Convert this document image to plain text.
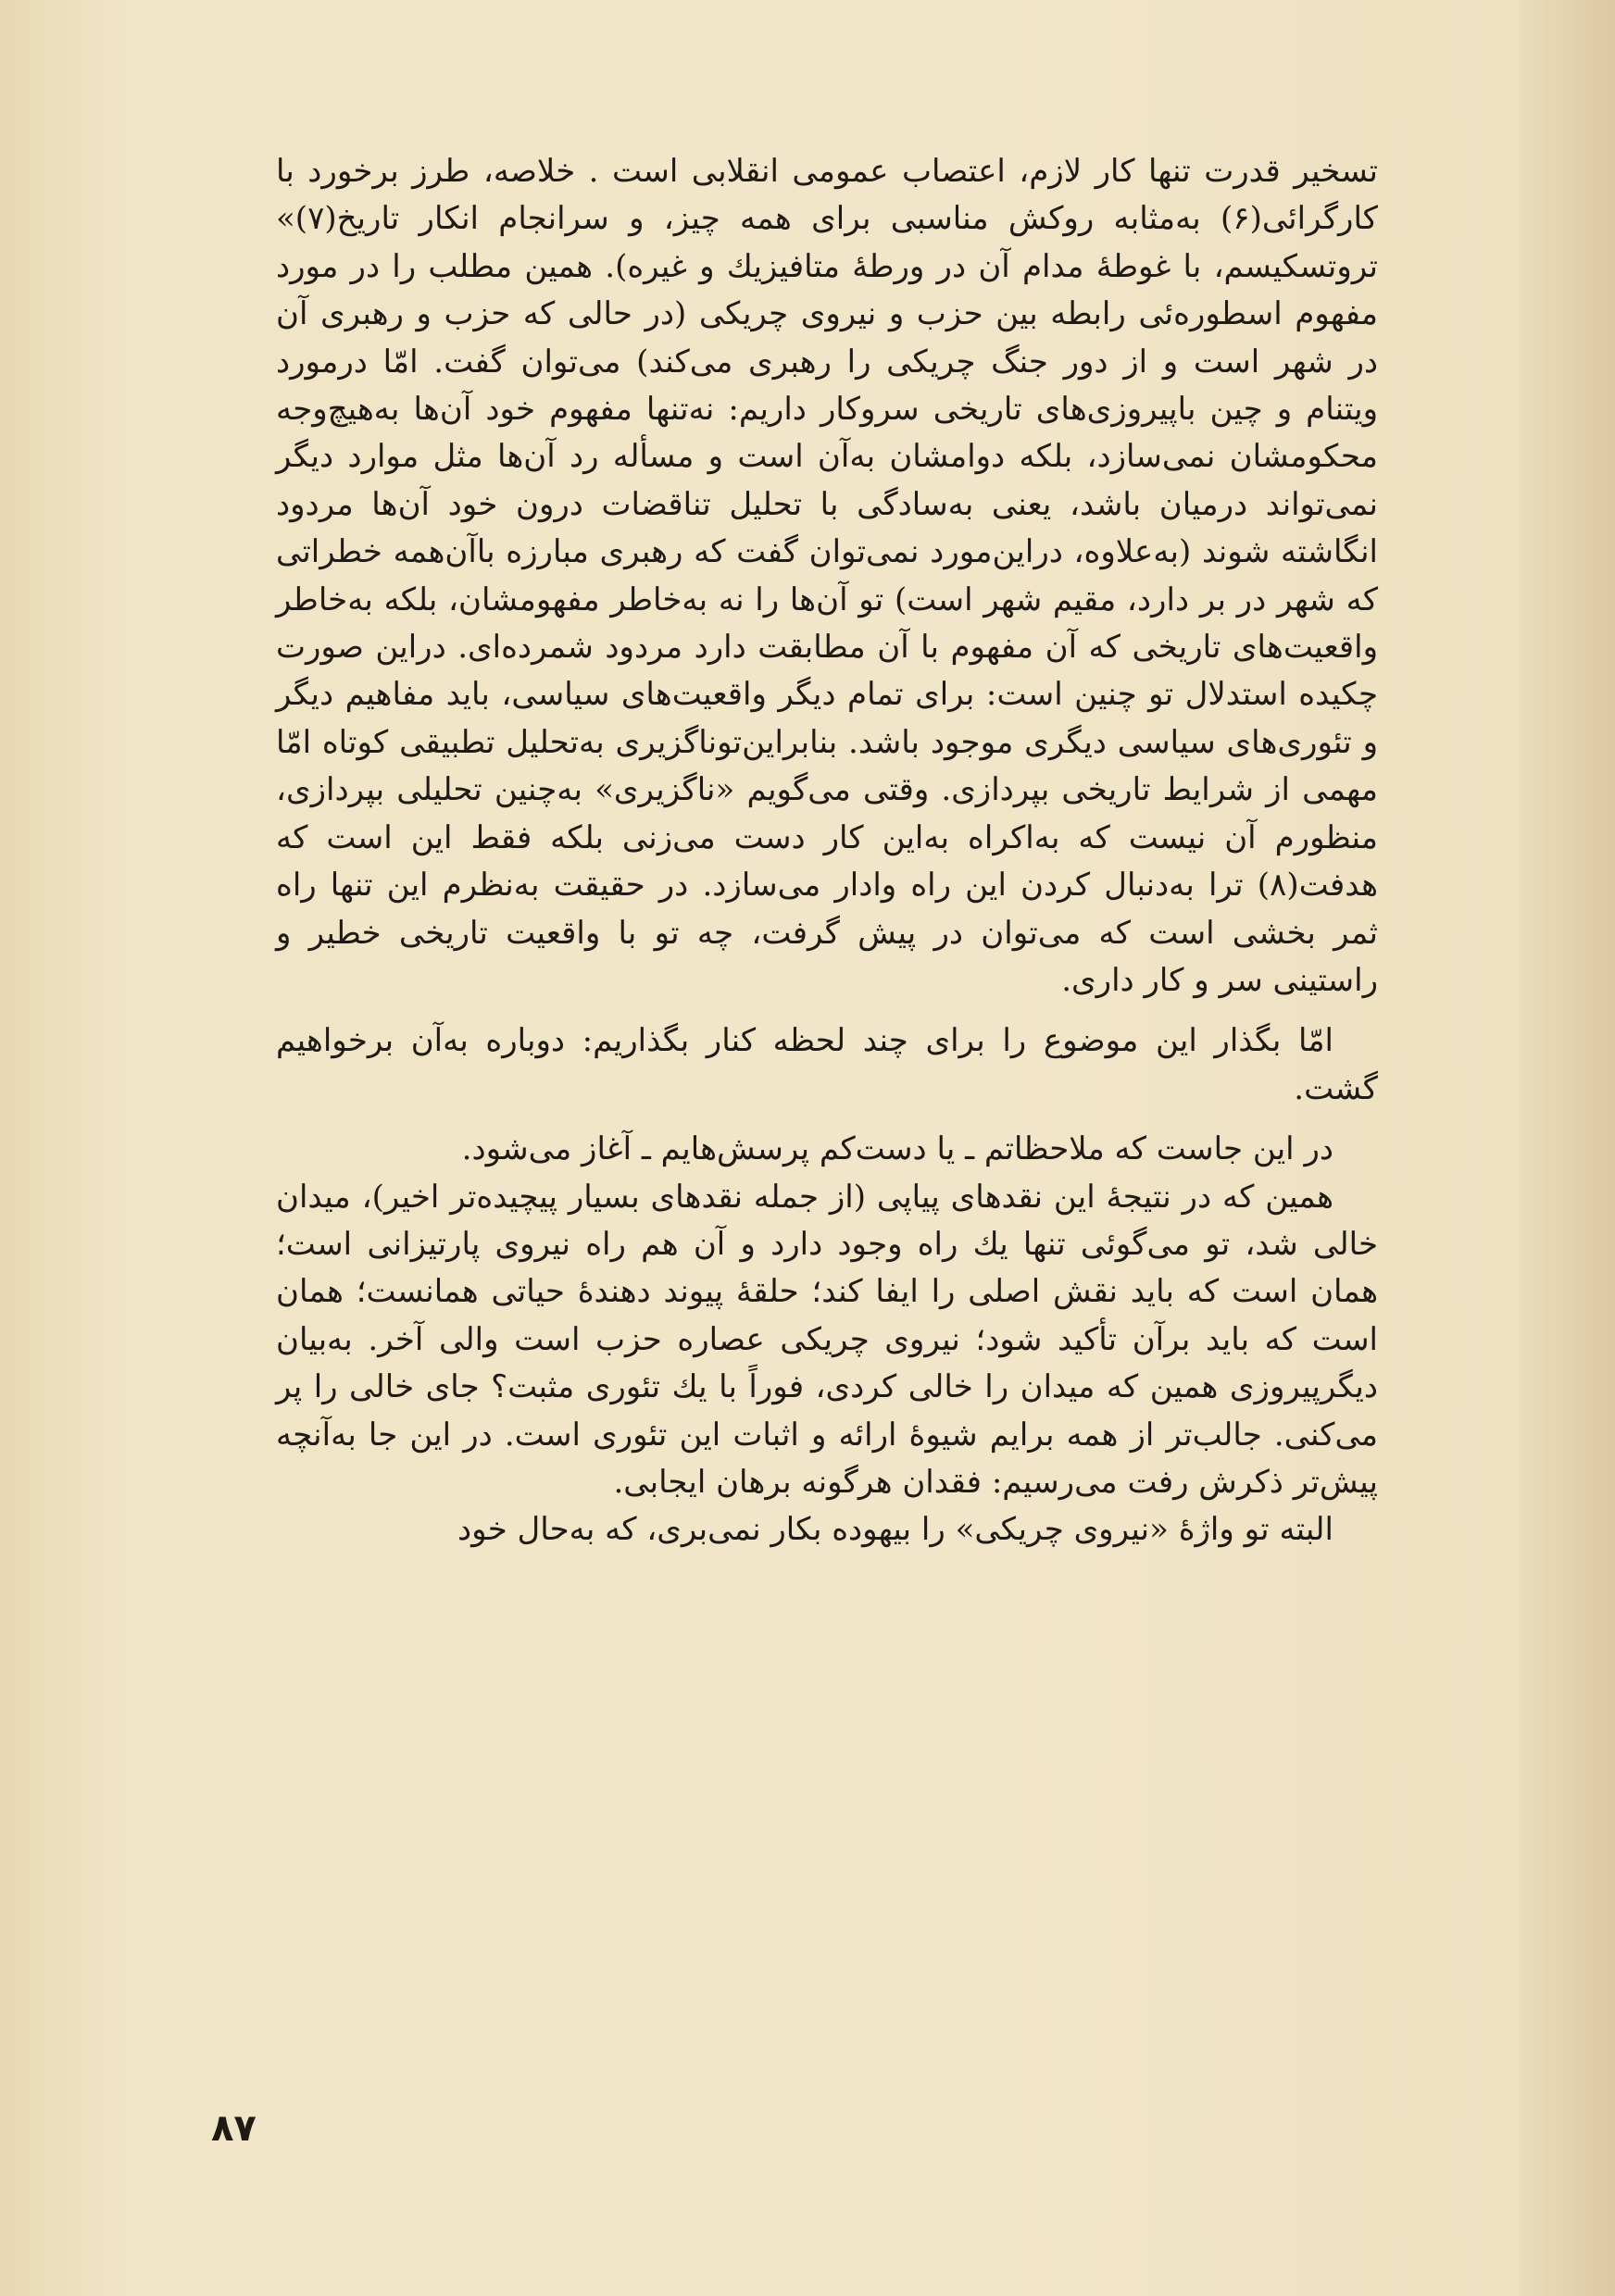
تسخیر قدرت تنها کار لازم، اعتصاب عمومی انقلابی است . خلاصه، طرز برخورد با کارگرائی(۶) به‌مثابه روکش مناسبی برای همه چیز، و سرانجام انکار تاریخ(۷)» تروتسکیسم، با غوطهٔ مدام آن در ورطهٔ متافیزیك و غیره). همین مطلب را در مورد مفهوم اسطوره‌ئی رابطه بین حزب و نیروی چریکی (در حالی که حزب و رهبری آن در شهر است و از دور جنگ چریکی را رهبری می‌کند) می‌توان گفت. امّا درمورد ویتنام و چین باپیروزی‌های تاریخی سروکار داریم: نه‌تنها مفهوم خود آن‌ها به‌هیچ‌وجه محکومشان نمی‌سازد، بلکه دوامشان به‌آن است و مسأله رد آن‌ها مثل موارد دیگر نمی‌تواند درمیان باشد، یعنی به‌سادگی با تحلیل تناقضات درون خود آن‌ها مردود انگاشته شوند (به‌علاوه، دراین‌مورد نمی‌توان گفت که رهبری مبارزه باآن‌همه خطراتی که شهر در بر دارد، مقیم شهر است) تو آن‌ها را نه به‌خاطر مفهومشان، بلکه به‌خاطر واقعیت‌های تاریخی که آن مفهوم با آن مطابقت دارد مردود شمرده‌ای. دراین صورت چکیده استدلال تو چنین است: برای تمام دیگر واقعیت‌های سیاسی، باید مفاهیم دیگر و تئوری‌های سیاسی دیگری موجود باشد. بنابراین‌تو‌ناگزیری به‌تحلیل تطبیقی کوتاه امّا مهمی از شرایط تاریخی بپردازی. وقتی می‌گویم «ناگزیری» به‌چنین تحلیلی بپردازی، منظورم آن نیست که به‌اکراه به‌این کار دست می‌زنی بلکه فقط این است که هدفت(۸) ترا به‌دنبال کردن این راه وادار می‌سازد. در حقیقت به‌نظرم این تنها راه ثمر بخشی است که می‌توان در پیش گرفت، چه تو با واقعیت تاریخی خطیر و راستینی سر و کار داری.

امّا بگذار این موضوع را برای چند لحظه کنار بگذاریم: دوباره به‌آن برخواهیم گشت.

در این جاست که ملاحظاتم ـ یا دست‌کم پرسش‌هایم ـ آغاز می‌شود.

همین که در نتیجهٔ این نقدهای پیاپی (از جمله نقدهای بسیار پیچیده‌تر اخیر)، میدان خالی شد، تو می‌گوئی تنها یك راه وجود دارد و آن هم راه نیروی پارتیزانی است؛ همان است که باید نقش اصلی را ایفا کند؛ حلقهٔ پیوند دهندهٔ حیاتی همانست؛ همان است که باید برآن تأکید شود؛ نیروی چریکی عصاره حزب است والی آخر. به‌بیان دیگرپیروزی همین که میدان را خالی کردی، فوراً با یك تئوری مثبت؟ جای خالی را پر می‌کنی. جالب‌تر از همه برایم شیوهٔ ارائه و اثبات این تئوری است. در این جا به‌آنچه پیش‌تر ذکرش رفت می‌رسیم: فقدان هرگونه برهان ایجابی.

البته تو واژهٔ «نیروی چریکی» را بیهوده بکار نمی‌بری، که به‌حال خود

۸۷
